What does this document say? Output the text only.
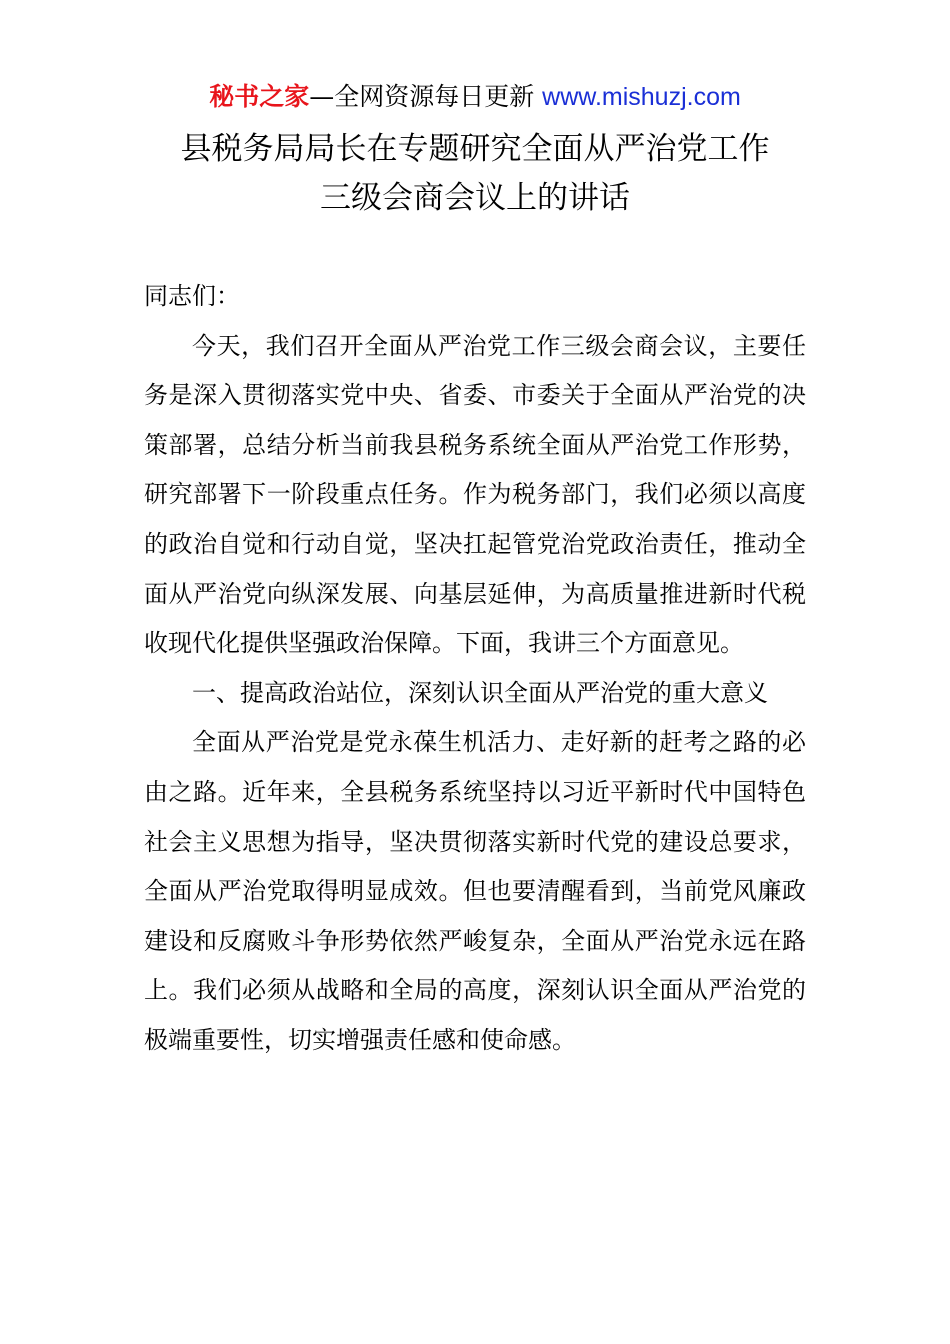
秘书之家—全网资源每日更新 www.mishuzj.com
县税务局局长在专题研究全面从严治党工作
三级会商会议上的讲话

同志们：

今天，我们召开全面从严治党工作三级会商会议，主要任务是深入贯彻落实党中央、省委、市委关于全面从严治党的决策部署，总结分析当前我县税务系统全面从严治党工作形势，研究部署下一阶段重点任务。作为税务部门，我们必须以高度的政治自觉和行动自觉，坚决扛起管党治党政治责任，推动全面从严治党向纵深发展、向基层延伸，为高质量推进新时代税收现代化提供坚强政治保障。下面，我讲三个方面意见。

一、提高政治站位，深刻认识全面从严治党的重大意义

全面从严治党是党永葆生机活力、走好新的赶考之路的必由之路。近年来，全县税务系统坚持以习近平新时代中国特色社会主义思想为指导，坚决贯彻落实新时代党的建设总要求，全面从严治党取得明显成效。但也要清醒看到，当前党风廉政建设和反腐败斗争形势依然严峻复杂，全面从严治党永远在路上。我们必须从战略和全局的高度，深刻认识全面从严治党的极端重要性，切实增强责任感和使命感。
